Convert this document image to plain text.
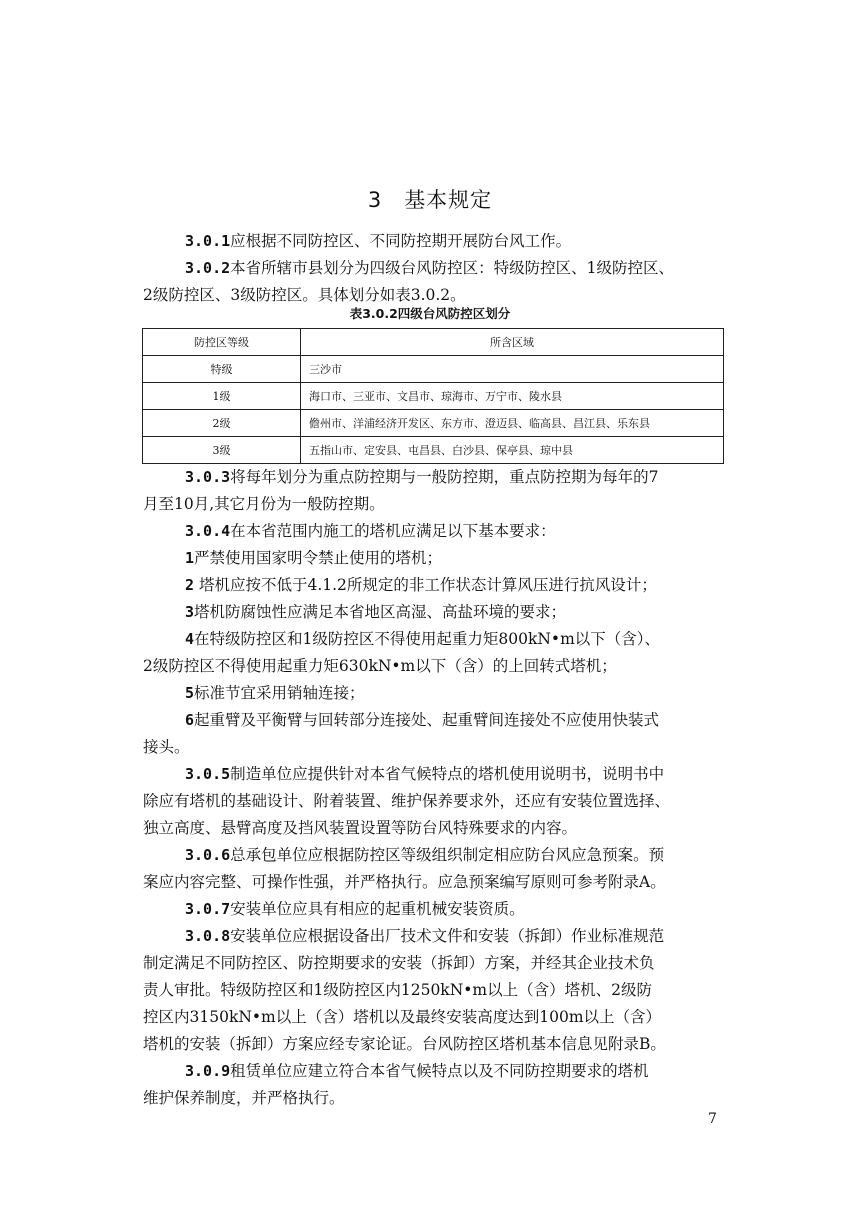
3 基本规定
3.0.1应根据不同防控区、不同防控期开展防台风工作。
3.0.2本省所辖市县划分为四级台风防控区：特级防控区、1级防控区、
2级防控区、3级防控区。具体划分如表3.0.2。
表3.0.2四级台风防控区划分
防控区等级	所含区域
特级	三沙市
1级	海口市、三亚市、文昌市、琼海市、万宁市、陵水县
2级	儋州市、洋浦经济开发区、东方市、澄迈县、临高县、昌江县、乐东县
3级	五指山市、定安县、屯昌县、白沙县、保亭县、琼中县
3.0.3将每年划分为重点防控期与一般防控期，重点防控期为每年的7
月至10月,其它月份为一般防控期。
3.0.4在本省范围内施工的塔机应满足以下基本要求：
1严禁使用国家明令禁止使用的塔机；
2 塔机应按不低于4.1.2所规定的非工作状态计算风压进行抗风设计；
3塔机防腐蚀性应满足本省地区高湿、高盐环境的要求；
4在特级防控区和1级防控区不得使用起重力矩800kN•m以下（含）、
2级防控区不得使用起重力矩630kN•m以下（含）的上回转式塔机；
5标准节宜采用销轴连接；
6起重臂及平衡臂与回转部分连接处、起重臂间连接处不应使用快装式
接头。
3.0.5制造单位应提供针对本省气候特点的塔机使用说明书，说明书中
除应有塔机的基础设计、附着装置、维护保养要求外，还应有安装位置选择、
独立高度、悬臂高度及挡风装置设置等防台风特殊要求的内容。
3.0.6总承包单位应根据防控区等级组织制定相应防台风应急预案。预
案应内容完整、可操作性强，并严格执行。应急预案编写原则可参考附录A。
3.0.7安装单位应具有相应的起重机械安装资质。
3.0.8安装单位应根据设备出厂技术文件和安装（拆卸）作业标准规范
制定满足不同防控区、防控期要求的安装（拆卸）方案，并经其企业技术负
责人审批。特级防控区和1级防控区内1250kN•m以上（含）塔机、2级防
控区内3150kN•m以上（含）塔机以及最终安装高度达到100m以上（含）
塔机的安装（拆卸）方案应经专家论证。台风防控区塔机基本信息见附录B。
3.0.9租赁单位应建立符合本省气候特点以及不同防控期要求的塔机
维护保养制度，并严格执行。
7
